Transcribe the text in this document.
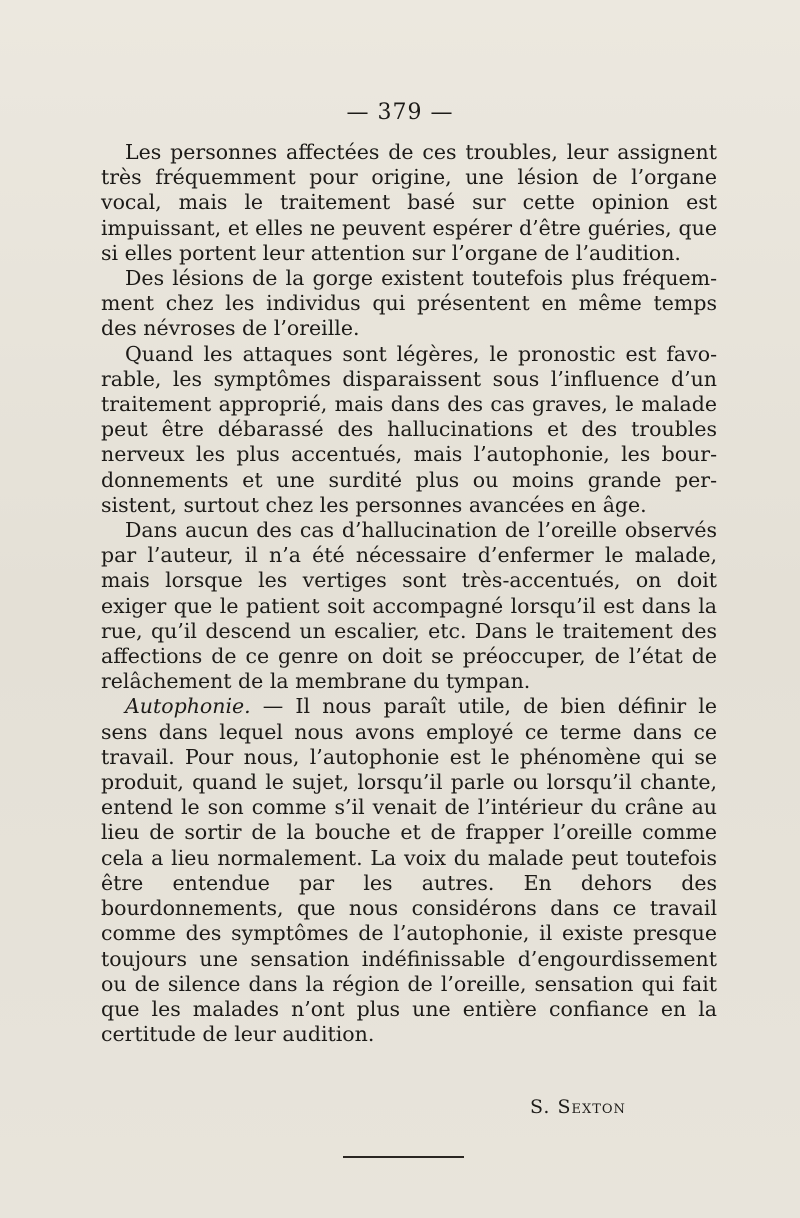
— 379 —

Les personnes affectées de ces troubles, leur assignent très fréquemment pour origine, une lésion de l’organe vocal, mais le traitement basé sur cette opinion est impuissant, et elles ne peuvent espérer d’être guéries, que si elles portent leur attention sur l’organe de l’audition.

Des lésions de la gorge existent toutefois plus fréquemment chez les individus qui présentent en même temps des névroses de l’oreille.

Quand les attaques sont légères, le pronostic est favorable, les symptômes disparaissent sous l’influence d’un traitement approprié, mais dans des cas graves, le malade peut être débarassé des hallucinations et des troubles nerveux les plus accentués, mais l’autophonie, les bourdonnements et une surdité plus ou moins grande persistent, surtout chez les personnes avancées en âge.

Dans aucun des cas d’hallucination de l’oreille observés par l’auteur, il n’a été nécessaire d’enfermer le malade, mais lorsque les vertiges sont très-accentués, on doit exiger que le patient soit accompagné lorsqu’il est dans la rue, qu’il descend un escalier, etc. Dans le traitement des affections de ce genre on doit se préoccuper, de l’état de relâchement de la membrane du tympan.

Autophonie. — Il nous paraît utile, de bien définir le sens dans lequel nous avons employé ce terme dans ce travail. Pour nous, l’autophonie est le phénomène qui se produit, quand le sujet, lorsqu’il parle ou lorsqu’il chante, entend le son comme s’il venait de l’intérieur du crâne au lieu de sortir de la bouche et de frapper l’oreille comme cela a lieu normalement. La voix du malade peut toutefois être entendue par les autres. En dehors des bourdonnements, que nous considérons dans ce travail comme des symptômes de l’autophonie, il existe presque toujours une sensation indéfinissable d’engourdissement ou de silence dans la région de l’oreille, sensation qui fait que les malades n’ont plus une entière confiance en la certitude de leur audition.

S. Sexton
